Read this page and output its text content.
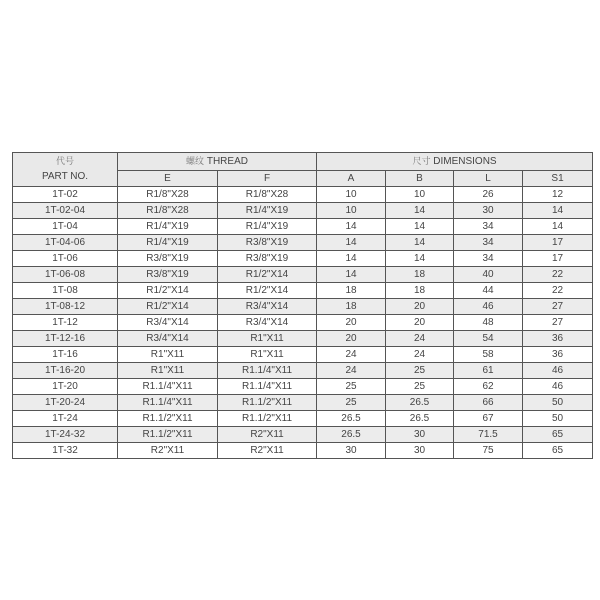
代号
PART NO.	螺纹 THREAD		尺寸 DIMENSIONS			
	E	F	A	B	L	S1
1T-02	R1/8"X28	R1/8"X28	10	10	26	12
1T-02-04	R1/8"X28	R1/4"X19	10	14	30	14
1T-04	R1/4"X19	R1/4"X19	14	14	34	14
1T-04-06	R1/4"X19	R3/8"X19	14	14	34	17
1T-06	R3/8"X19	R3/8"X19	14	14	34	17
1T-06-08	R3/8"X19	R1/2"X14	14	18	40	22
1T-08	R1/2"X14	R1/2"X14	18	18	44	22
1T-08-12	R1/2"X14	R3/4"X14	18	20	46	27
1T-12	R3/4"X14	R3/4"X14	20	20	48	27
1T-12-16	R3/4"X14	R1"X11	20	24	54	36
1T-16	R1"X11	R1"X11	24	24	58	36
1T-16-20	R1"X11	R1.1/4"X11	24	25	61	46
1T-20	R1.1/4"X11	R1.1/4"X11	25	25	62	46
1T-20-24	R1.1/4"X11	R1.1/2"X11	25	26.5	66	50
1T-24	R1.1/2"X11	R1.1/2"X11	26.5	26.5	67	50
1T-24-32	R1.1/2"X11	R2"X11	26.5	30	71.5	65
1T-32	R2"X11	R2"X11	30	30	75	65
